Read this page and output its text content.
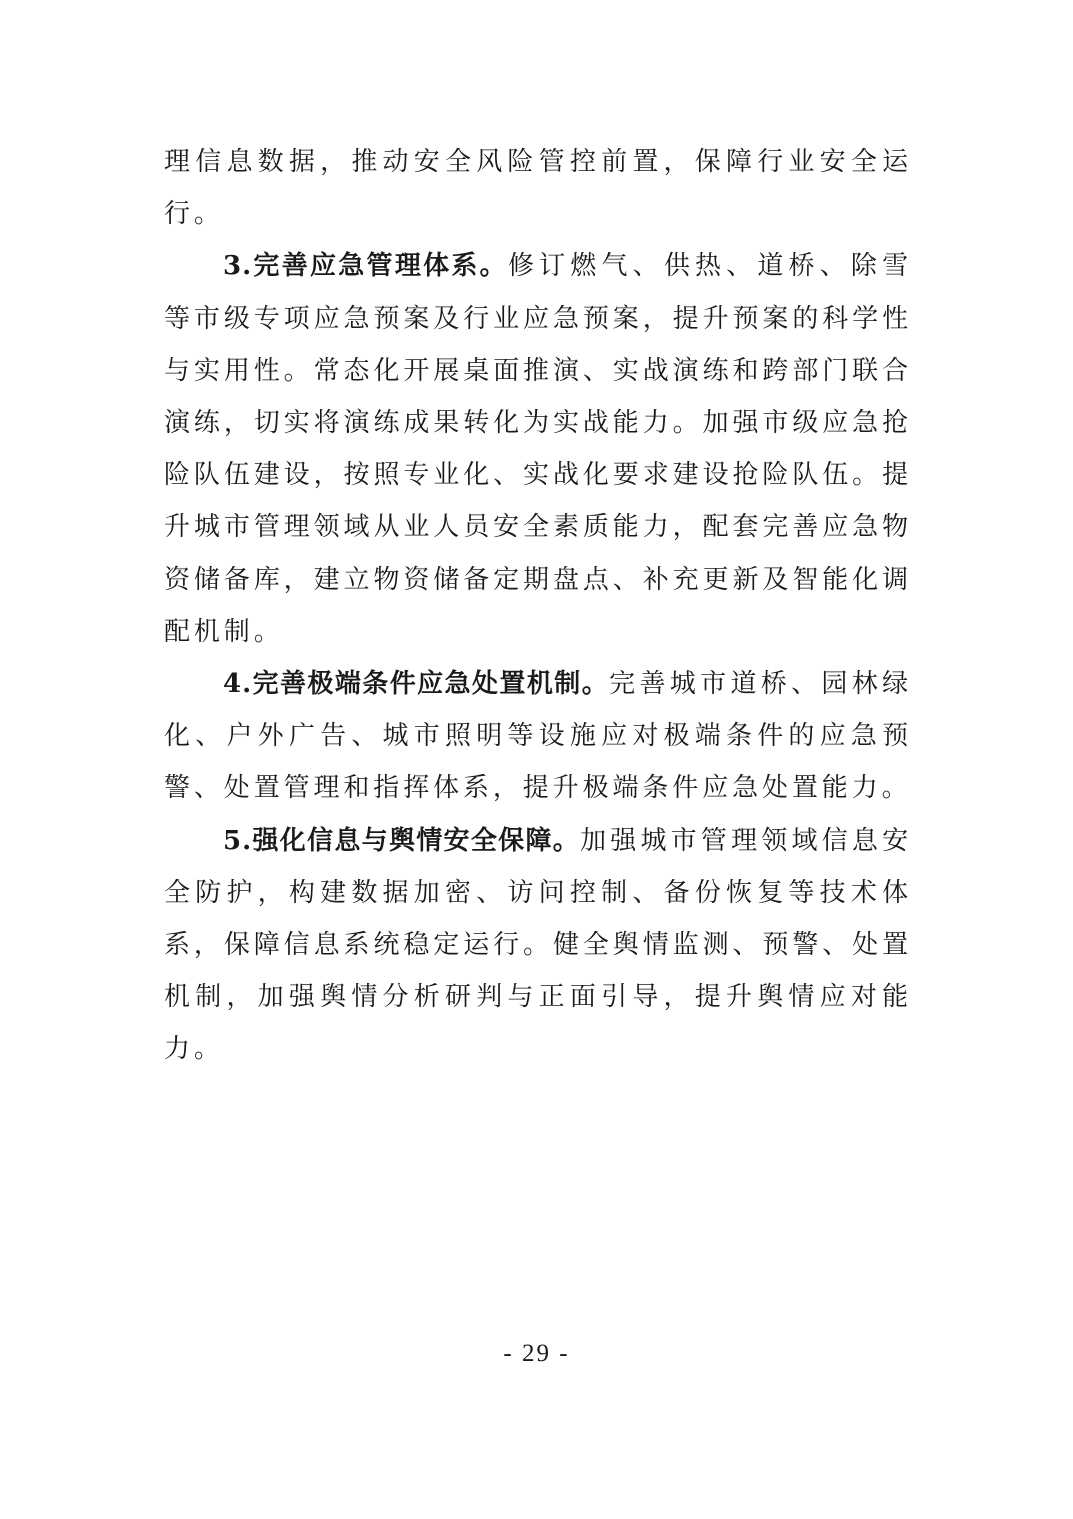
理信息数据，推动安全风险管控前置，保障行业安全运行。

3.完善应急管理体系。修订燃气、供热、道桥、除雪等市级专项应急预案及行业应急预案，提升预案的科学性与实用性。常态化开展桌面推演、实战演练和跨部门联合演练，切实将演练成果转化为实战能力。加强市级应急抢险队伍建设，按照专业化、实战化要求建设抢险队伍。提升城市管理领域从业人员安全素质能力，配套完善应急物资储备库，建立物资储备定期盘点、补充更新及智能化调配机制。

4.完善极端条件应急处置机制。完善城市道桥、园林绿化、户外广告、城市照明等设施应对极端条件的应急预警、处置管理和指挥体系，提升极端条件应急处置能力。

5.强化信息与舆情安全保障。加强城市管理领域信息安全防护，构建数据加密、访问控制、备份恢复等技术体系，保障信息系统稳定运行。健全舆情监测、预警、处置机制，加强舆情分析研判与正面引导，提升舆情应对能力。

- 29 -
